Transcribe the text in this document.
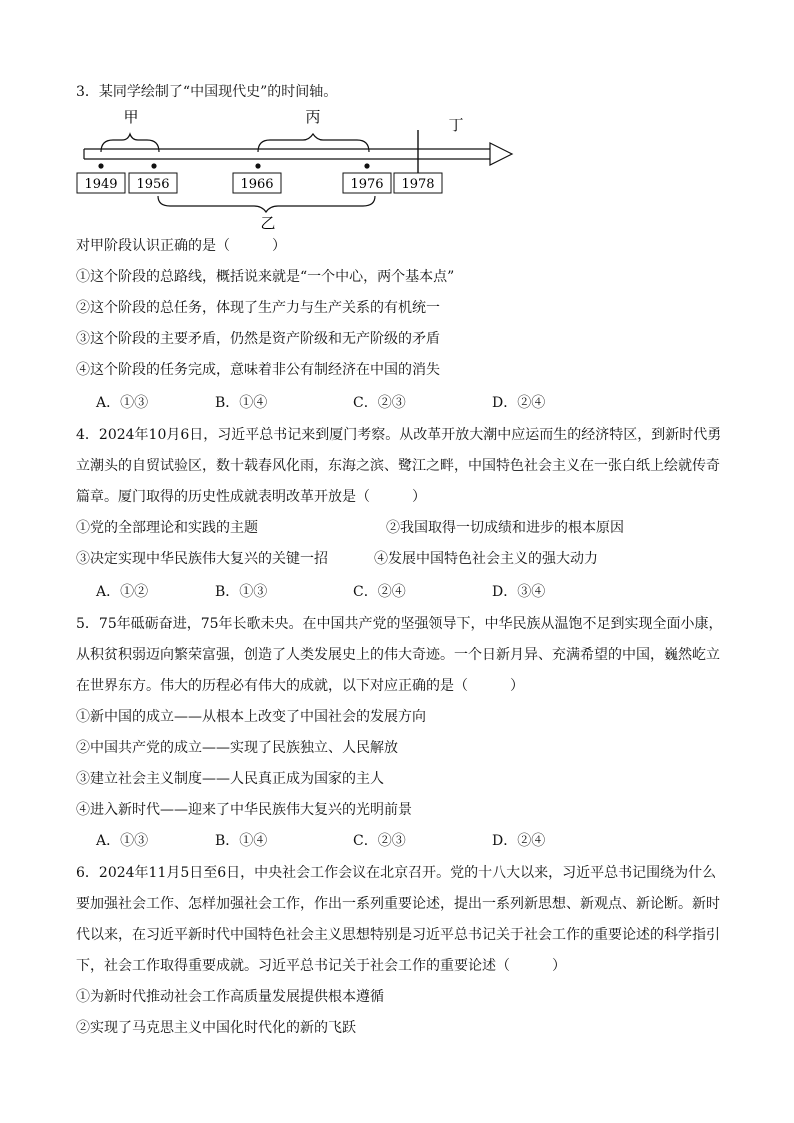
3．某同学绘制了“中国现代史”的时间轴。
甲	丙	丁
1949 1956	1966	1976 1978
乙
对甲阶段认识正确的是（　　　）
①这个阶段的总路线，概括说来就是“一个中心，两个基本点”
②这个阶段的总任务，体现了生产力与生产关系的有机统一
③这个阶段的主要矛盾，仍然是资产阶级和无产阶级的矛盾
④这个阶段的任务完成，意味着非公有制经济在中国的消失
A．①③	B．①④	C．②③	D．②④
4．2024年10月6日，习近平总书记来到厦门考察。从改革开放大潮中应运而生的经济特区，到新时代勇
立潮头的自贸试验区，数十载春风化雨，东海之滨、鹭江之畔，中国特色社会主义在一张白纸上绘就传奇
篇章。厦门取得的历史性成就表明改革开放是（　　　）
①党的全部理论和实践的主题	②我国取得一切成绩和进步的根本原因
③决定实现中华民族伟大复兴的关键一招	④发展中国特色社会主义的强大动力
A．①②	B．①③	C．②④	D．③④
5．75年砥砺奋进，75年长歌未央。在中国共产党的坚强领导下，中华民族从温饱不足到实现全面小康，
从积贫积弱迈向繁荣富强，创造了人类发展史上的伟大奇迹。一个日新月异、充满希望的中国，巍然屹立
在世界东方。伟大的历程必有伟大的成就，以下对应正确的是（　　　）
①新中国的成立——从根本上改变了中国社会的发展方向
②中国共产党的成立——实现了民族独立、人民解放
③建立社会主义制度——人民真正成为国家的主人
④进入新时代——迎来了中华民族伟大复兴的光明前景
A．①③	B．①④	C．②③	D．②④
6．2024年11月5日至6日，中央社会工作会议在北京召开。党的十八大以来，习近平总书记围绕为什么
要加强社会工作、怎样加强社会工作，作出一系列重要论述，提出一系列新思想、新观点、新论断。新时
代以来，在习近平新时代中国特色社会主义思想特别是习近平总书记关于社会工作的重要论述的科学指引
下，社会工作取得重要成就。习近平总书记关于社会工作的重要论述（　　　）
①为新时代推动社会工作高质量发展提供根本遵循
②实现了马克思主义中国化时代化的新的飞跃
